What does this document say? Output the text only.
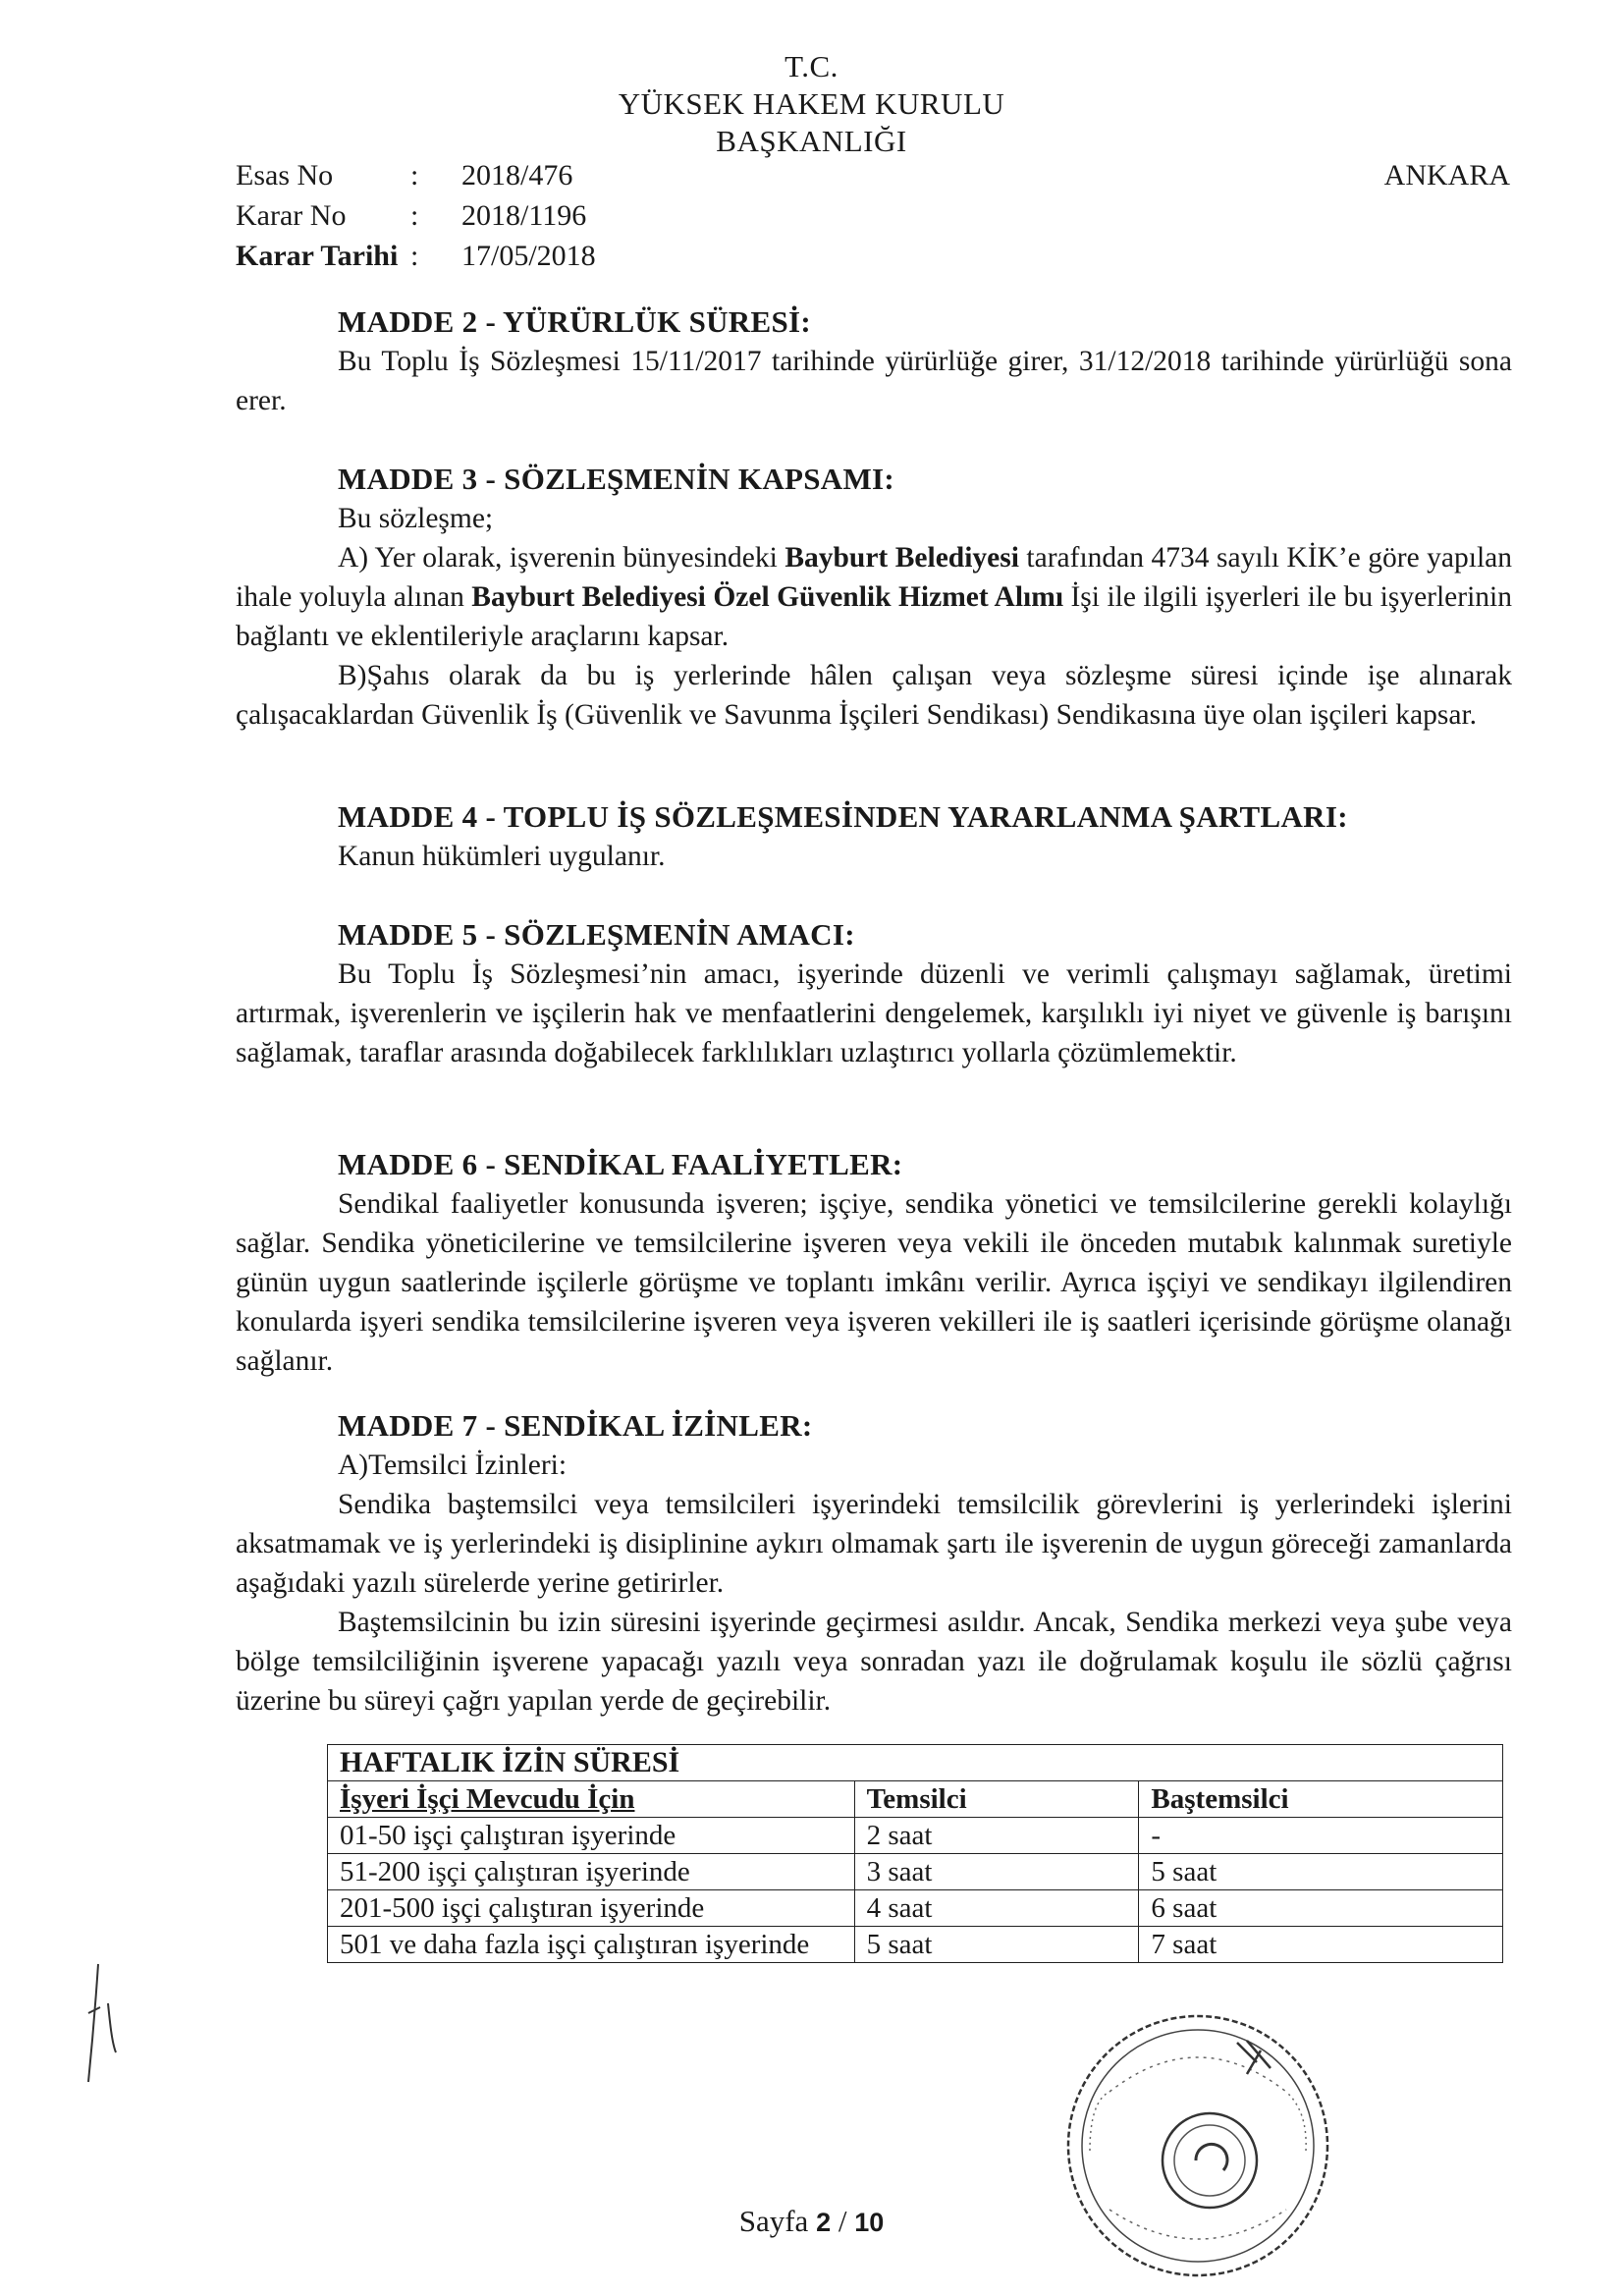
T.C.
YÜKSEK HAKEM KURULU
BAŞKANLIĞI
Esas No	:	2018/476
Karar No	:	2018/1196
Karar Tarihi :	17/05/2018
ANKARA
MADDE 2 - YÜRÜRLÜK SÜRESİ:

Bu Toplu İş Sözleşmesi 15/11/2017 tarihinde yürürlüğe girer, 31/12/2018 tarihinde yürürlüğü sona erer.

MADDE 3 - SÖZLEŞMENİN KAPSAMI:

Bu sözleşme;

A) Yer olarak, işverenin bünyesindeki Bayburt Belediyesi tarafından 4734 sayılı KİK’e göre yapılan ihale yoluyla alınan Bayburt Belediyesi Özel Güvenlik Hizmet Alımı İşi ile ilgili işyerleri ile bu işyerlerinin bağlantı ve eklentileriyle araçlarını kapsar.

B)Şahıs olarak da bu iş yerlerinde hâlen çalışan veya sözleşme süresi içinde işe alınarak çalışacaklardan Güvenlik İş (Güvenlik ve Savunma İşçileri Sendikası) Sendikasına üye olan işçileri kapsar.

MADDE 4 - TOPLU İŞ SÖZLEŞMESİNDEN YARARLANMA ŞARTLARI:

Kanun hükümleri uygulanır.

MADDE 5 - SÖZLEŞMENİN AMACI:

Bu Toplu İş Sözleşmesi’nin amacı, işyerinde düzenli ve verimli çalışmayı sağlamak, üretimi artırmak, işverenlerin ve işçilerin hak ve menfaatlerini dengelemek, karşılıklı iyi niyet ve güvenle iş barışını sağlamak, taraflar arasında doğabilecek farklılıkları uzlaştırıcı yollarla çözümlemektir.

MADDE 6 - SENDİKAL FAALİYETLER:

Sendikal faaliyetler konusunda işveren; işçiye, sendika yönetici ve temsilcilerine gerekli kolaylığı sağlar. Sendika yöneticilerine ve temsilcilerine işveren veya vekili ile önceden mutabık kalınmak suretiyle günün uygun saatlerinde işçilerle görüşme ve toplantı imkânı verilir. Ayrıca işçiyi ve sendikayı ilgilendiren konularda işyeri sendika temsilcilerine işveren veya işveren vekilleri ile iş saatleri içerisinde görüşme olanağı sağlanır.

MADDE 7 - SENDİKAL İZİNLER:

A)Temsilci İzinleri:

Sendika baştemsilci veya temsilcileri işyerindeki temsilcilik görevlerini iş yerlerindeki işlerini aksatmamak ve iş yerlerindeki iş disiplinine aykırı olmamak şartı ile işverenin de uygun göreceği zamanlarda aşağıdaki yazılı sürelerde yerine getirirler.

Baştemsilcinin bu izin süresini işyerinde geçirmesi asıldır. Ancak, Sendika merkezi veya şube veya bölge temsilciliğinin işverene yapacağı yazılı veya sonradan yazı ile doğrulamak koşulu ile sözlü çağrısı üzerine bu süreyi çağrı yapılan yerde de geçirebilir.

HAFTALIK İZİN SÜRESİ		
İşyeri İşçi Mevcudu İçin	Temsilci	Baştemsilci
01-50 işçi çalıştıran işyerinde	2 saat	-
51-200 işçi çalıştıran işyerinde	3 saat	5 saat
201-500 işçi çalıştıran işyerinde	4 saat	6 saat
501 ve daha fazla işçi çalıştıran işyerinde	5 saat	7 saat
Sayfa 2 / 10
